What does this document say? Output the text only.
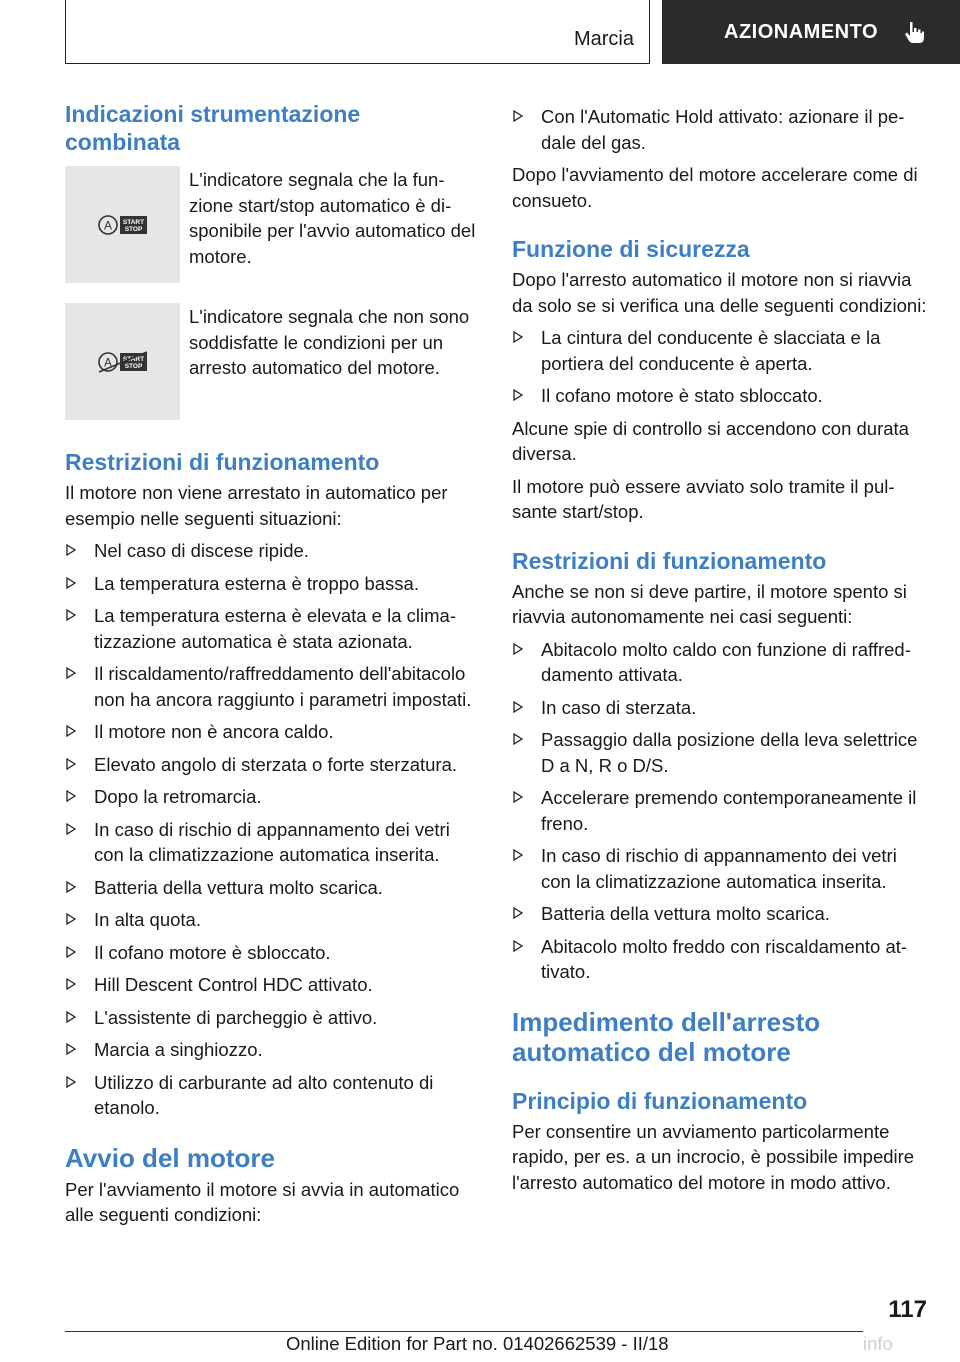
Marcia	AZIONAMENTO
Indicazioni strumentazione combinata
A START
STOP
L'indicatore segnala che la funzione start/stop automatico è disponibile per l'avvio automatico del motore.
A START
STOP
L'indicatore segnala che non sono soddisfatte le condizioni per un arresto automatico del motore.
Restrizioni di funzionamento

Il motore non viene arrestato in automatico per esempio nelle seguenti situazioni:

Nel caso di discese ripide.
La temperatura esterna è troppo bassa.
La temperatura esterna è elevata e la climatizzazione automatica è stata azionata.
Il riscaldamento/raffreddamento dell'abitacolo non ha ancora raggiunto i parametri impostati.
Il motore non è ancora caldo.
Elevato angolo di sterzata o forte sterzatura.
Dopo la retromarcia.
In caso di rischio di appannamento dei vetri con la climatizzazione automatica inserita.
Batteria della vettura molto scarica.
In alta quota.
Il cofano motore è sbloccato.
Hill Descent Control HDC attivato.
L'assistente di parcheggio è attivo.
Marcia a singhiozzo.
Utilizzo di carburante ad alto contenuto di etanolo.
Avvio del motore

Per l'avviamento il motore si avvia in automatico alle seguenti condizioni:

Con l'Automatic Hold attivato: azionare il pedale del gas.

Dopo l'avviamento del motore accelerare come di consueto.

Funzione di sicurezza

Dopo l'arresto automatico il motore non si riavvia da solo se si verifica una delle seguenti condizioni:

La cintura del conducente è slacciata e la portiera del conducente è aperta.
Il cofano motore è stato sbloccato.

Alcune spie di controllo si accendono con durata diversa.

Il motore può essere avviato solo tramite il pulsante start/stop.

Restrizioni di funzionamento

Anche se non si deve partire, il motore spento si riavvia autonomamente nei casi seguenti:

Abitacolo molto caldo con funzione di raffreddamento attivata.
In caso di sterzata.
Passaggio dalla posizione della leva selettrice D a N, R o D/S.
Accelerare premendo contemporaneamente il freno.
In caso di rischio di appannamento dei vetri con la climatizzazione automatica inserita.
Batteria della vettura molto scarica.
Abitacolo molto freddo con riscaldamento attivato.
Impedimento dell'arresto automatico del motore
Principio di funzionamento

Per consentire un avviamento particolarmente rapido, per es. a un incrocio, è possibile impedire l'arresto automatico del motore in modo attivo.

117
Online Edition for Part no. 01402662539 - II/18	info
